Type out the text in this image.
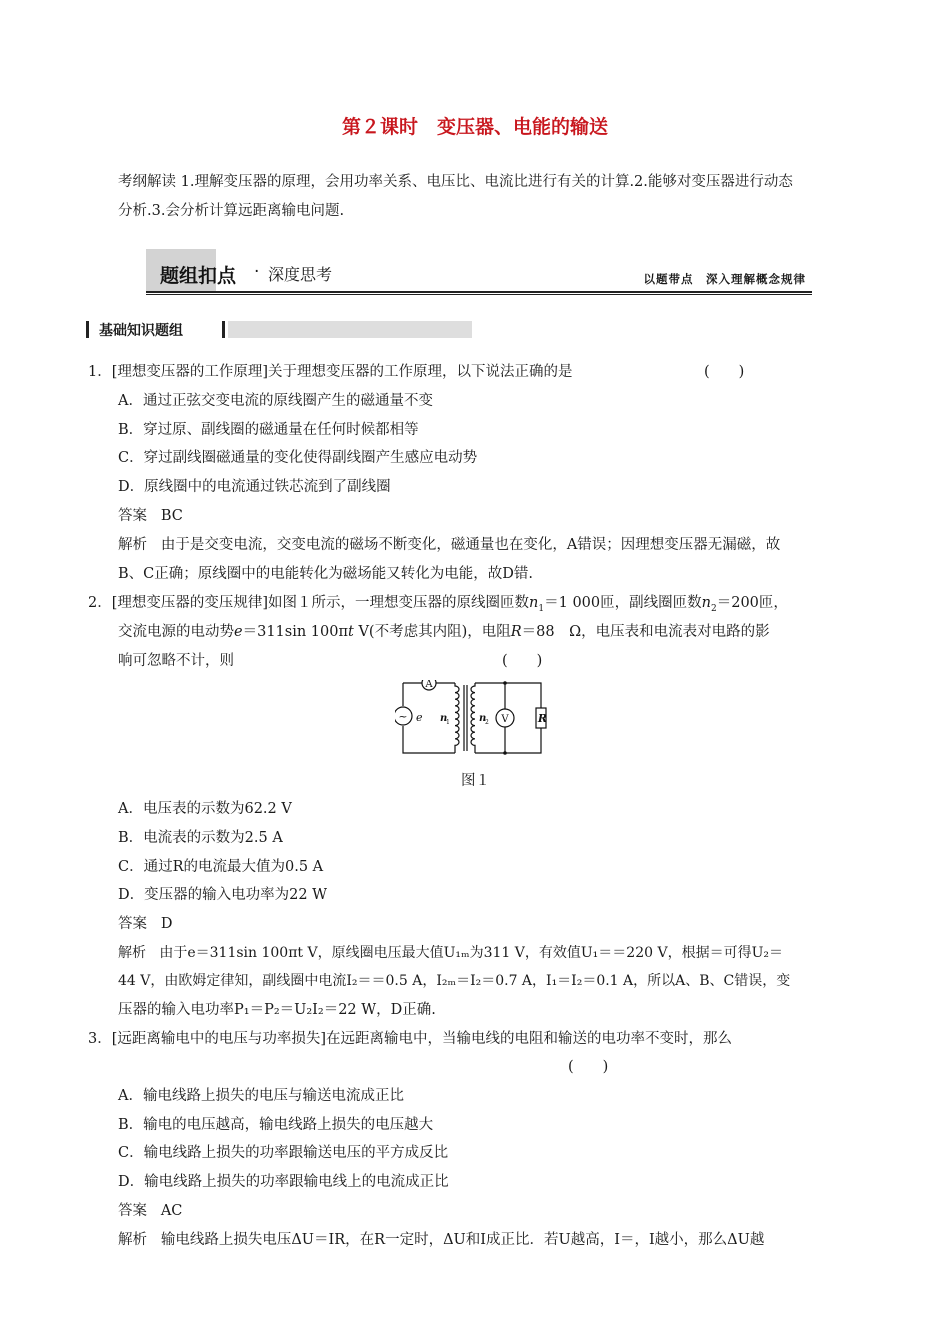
第２课时　变压器、电能的输送
考纲解读 1.理解变压器的原理，会用功率关系、电压比、电流比进行有关的计算.2.能够对变压器进行动态
分析.3.会分析计算远距离输电问题.
题组扣点 · 深度思考	以题带点　深入理解概念规律
基础知识题组
1．[理想变压器的工作原理]关于理想变压器的工作原理，以下说法正确的是	(　　)
A．通过正弦交变电流的原线圈产生的磁通量不变
B．穿过原、副线圈的磁通量在任何时候都相等
C．穿过副线圈磁通量的变化使得副线圈产生感应电动势
D．原线圈中的电流通过铁芯流到了副线圈
答案 BC
解析 由于是交变电流，交变电流的磁场不断变化，磁通量也在变化，A错误；因理想变压器无漏磁，故
B、C正确；原线圈中的电能转化为磁场能又转化为电能，故D错.
2．[理想变压器的变压规律]如图１所示，一理想变压器的原线圈匝数$n_1=1$ 000匝，副线圈匝数$n_2=200$匝，
交流电源的电动势e＝311sin 100πt V(不考虑其内阻)，电阻R＝88　Ω，电压表和电流表对电路的影
响可忽略不计，则	(　　)
A
~ e n
1	n
2 V	R
图１
A．电压表的示数为62.2 V
B．电流表的示数为2.5 A
C．通过R的电流最大值为0.5 A
D．变压器的输入电功率为22 W
答案 D
解析 由于e＝311sin 100πt V，原线圈电压最大值U₁ₘ为311 V，有效值U₁＝＝220 V，根据＝可得U₂＝
44 V，由欧姆定律知，副线圈中电流I₂＝＝0.5 A，I₂ₘ＝I₂＝0.7 A，I₁＝I₂＝0.1 A，所以A、B、C错误，变
压器的输入电功率P₁＝P₂＝U₂I₂＝22 W，D正确.
3．[远距离输电中的电压与功率损失]在远距离输电中，当输电线的电阻和输送的电功率不变时，那么
(　　)
A．输电线路上损失的电压与输送电流成正比
B．输电的电压越高，输电线路上损失的电压越大
C．输电线路上损失的功率跟输送电压的平方成反比
D．输电线路上损失的功率跟输电线上的电流成正比
答案 AC
解析 输电线路上损失电压ΔU＝IR，在R一定时，ΔU和I成正比．若U越高，I＝，I越小，那么ΔU越
